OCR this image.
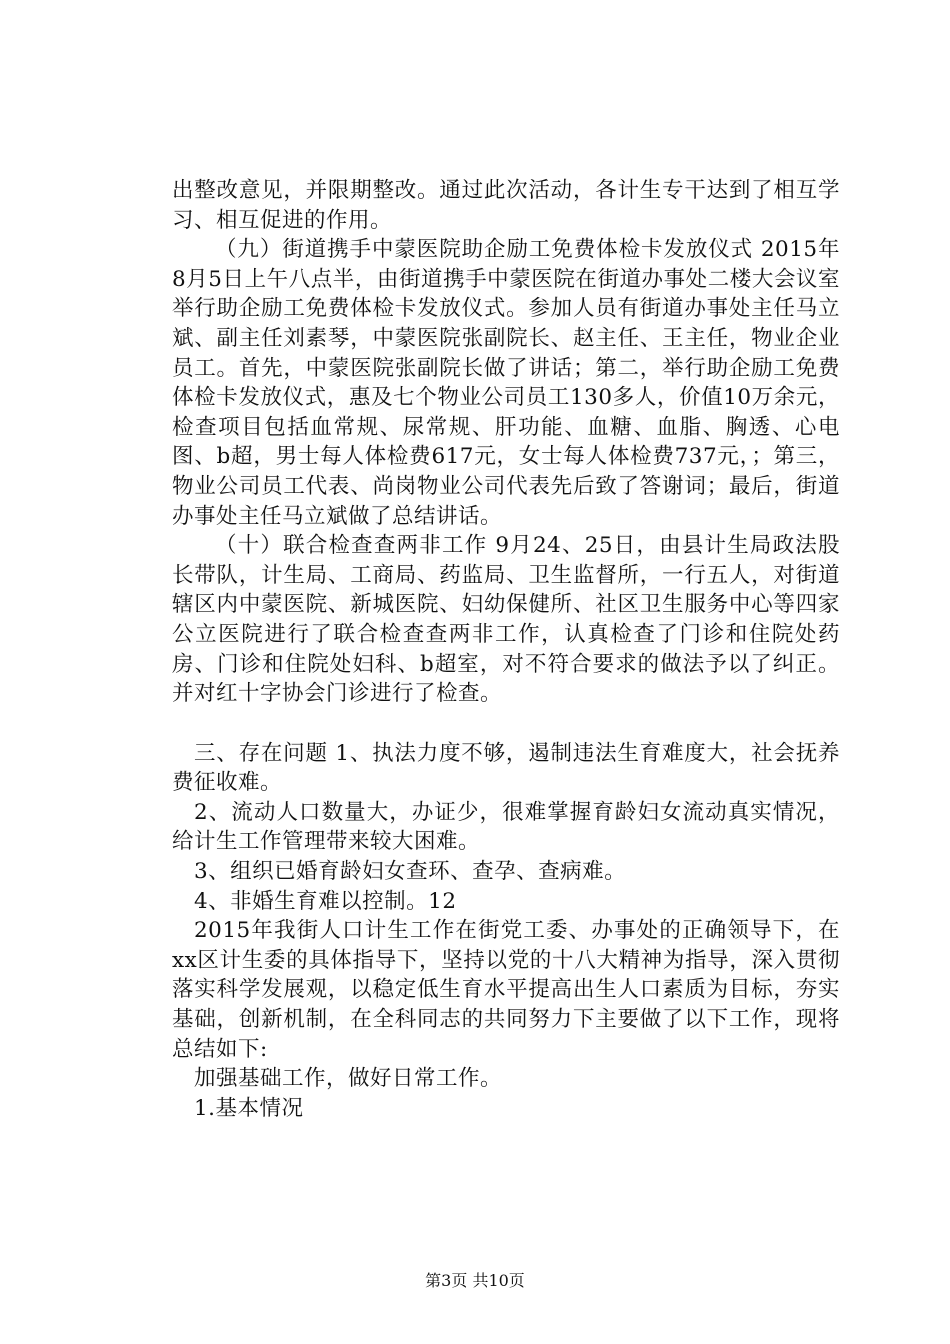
出整改意见，并限期整改。通过此次活动，各计生专干达到了相互学习、相互促进的作用。

（九）街道携手中蒙医院助企励工免费体检卡发放仪式 2015年8月5日上午八点半，由街道携手中蒙医院在街道办事处二楼大会议室举行助企励工免费体检卡发放仪式。参加人员有街道办事处主任马立斌、副主任刘素琴，中蒙医院张副院长、赵主任、王主任，物业企业员工。首先，中蒙医院张副院长做了讲话；第二，举行助企励工免费体检卡发放仪式，惠及七个物业公司员工130多人，价值10万余元，检查项目包括血常规、尿常规、肝功能、血糖、血脂、胸透、心电图、b超，男士每人体检费617元，女士每人体检费737元，；第三，物业公司员工代表、尚岗物业公司代表先后致了答谢词；最后，街道办事处主任马立斌做了总结讲话。

（十）联合检查查两非工作 9月24、25日，由县计生局政法股长带队，计生局、工商局、药监局、卫生监督所，一行五人，对街道辖区内中蒙医院、新城医院、妇幼保健所、社区卫生服务中心等四家公立医院进行了联合检查查两非工作，认真检查了门诊和住院处药房、门诊和住院处妇科、b超室，对不符合要求的做法予以了纠正。并对红十字协会门诊进行了检查。

三、存在问题 1、执法力度不够，遏制违法生育难度大，社会抚养费征收难。

2、流动人口数量大，办证少，很难掌握育龄妇女流动真实情况，给计生工作管理带来较大困难。

3、组织已婚育龄妇女查环、查孕、查病难。

4、非婚生育难以控制。12

2015年我街人口计生工作在街党工委、办事处的正确领导下，在xx区计生委的具体指导下，坚持以党的十八大精神为指导，深入贯彻落实科学发展观，以稳定低生育水平提高出生人口素质为目标，夯实基础，创新机制，在全科同志的共同努力下主要做了以下工作，现将总结如下:

加强基础工作，做好日常工作。

1.基本情况

第3页 共10页
